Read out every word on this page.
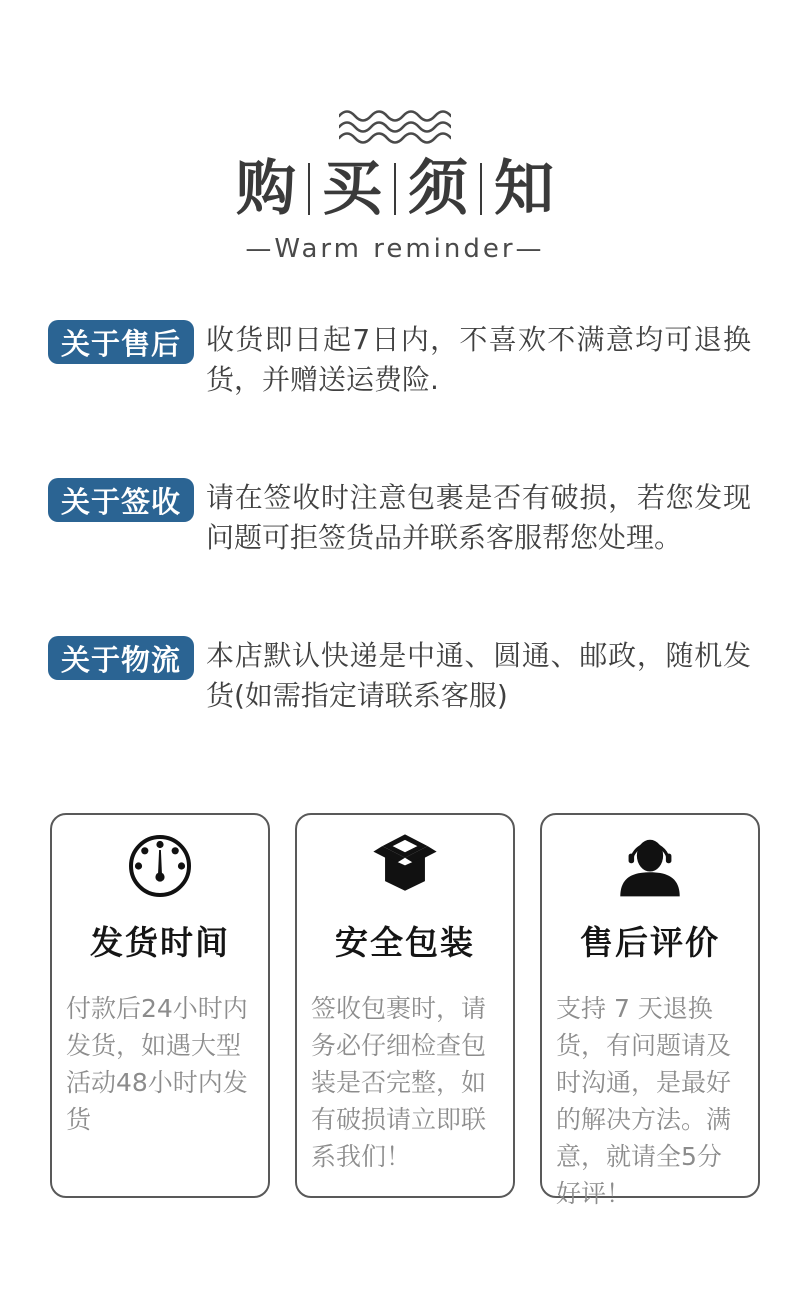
购 买 须 知
—Warm reminder—
关于售后 收货即日起7日内，不喜欢不满意均可退换货，并赠送运费险.

关于签收 请在签收时注意包裹是否有破损，若您发现问题可拒签货品并联系客服帮您处理。

关于物流 本店默认快递是中通、圆通、邮政，随机发货(如需指定请联系客服)

发货时间

付款后24小时内发货，如遇大型活动48小时内发货

安全包装

签收包裹时，请务必仔细检查包装是否完整，如有破损请立即联系我们！

售后评价

支持 7 天退换货，有问题请及时沟通，是最好的解决方法。满意，就请全5分好评！
